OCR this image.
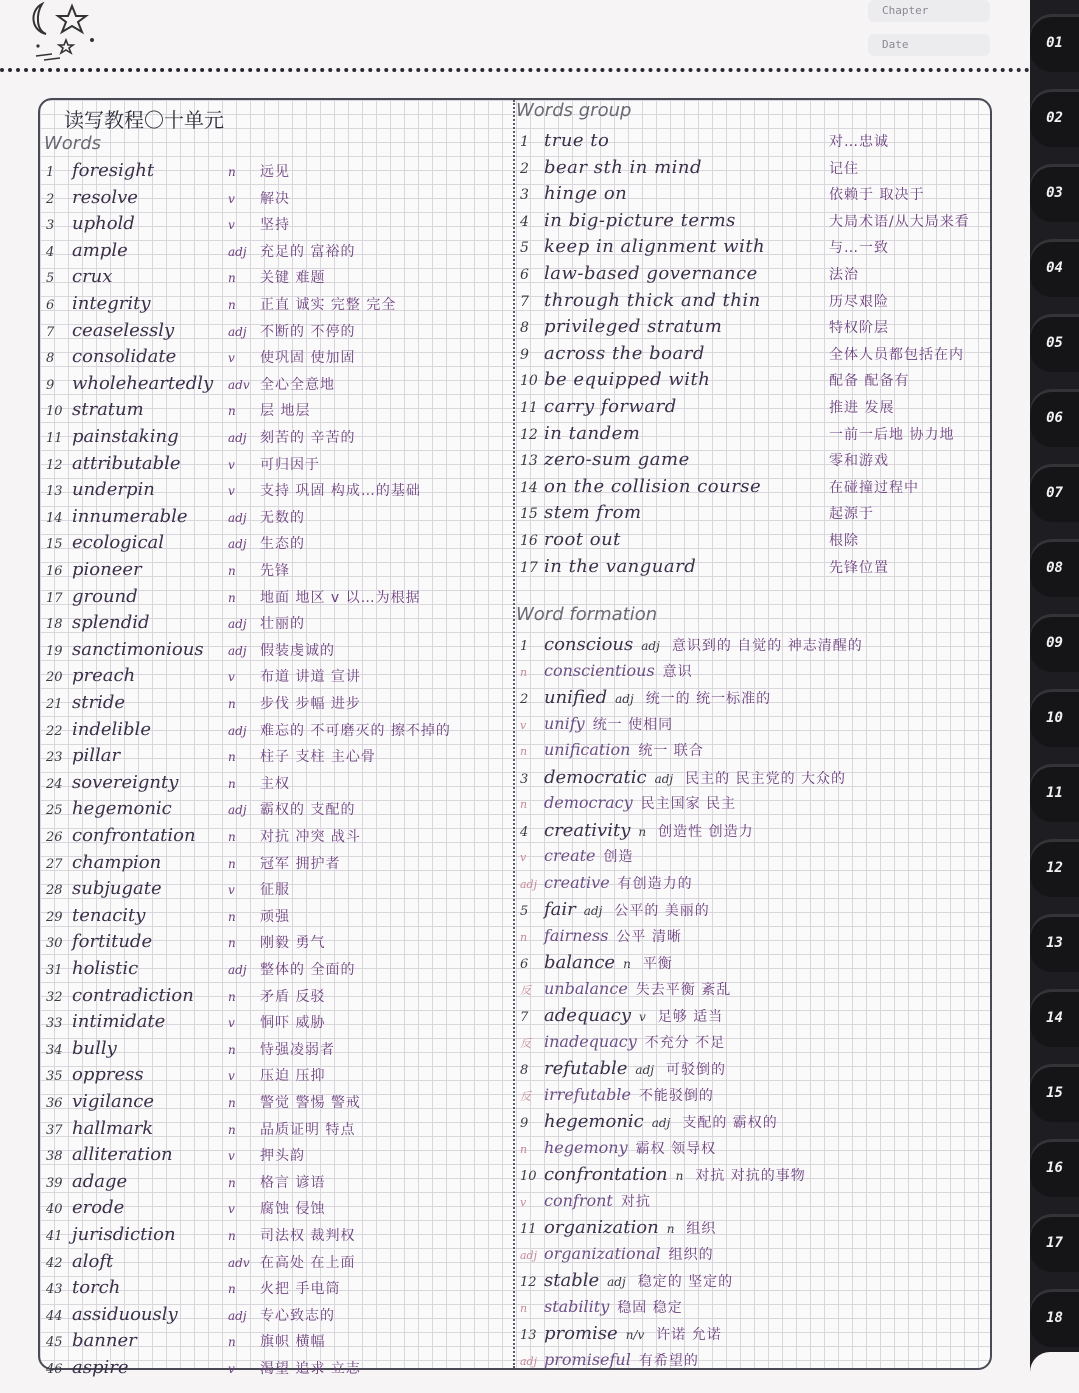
Chapter
Date
读写教程〇十单元
Words
1 foresight	n	远见
2 resolve	v	解决
3 uphold	v	坚持
4 ample	adj 充足的 富裕的
5 crux	n	关键 难题
6 integrity	n	正直 诚实 完整 完全
7 ceaselessly	adj 不断的 不停的
8 consolidate	v	使巩固 使加固
9 wholeheartedly	adv 全心全意地
10 stratum	n	层 地层
11 painstaking	adj 刻苦的 辛苦的
12 attributable	v	可归因于
13 underpin	v	支持 巩固 构成…的基础
14 innumerable	adj 无数的
15 ecological	adj 生态的
16 pioneer	n	先锋
17 ground	n	地面 地区 v 以…为根据
18 splendid	adj 壮丽的
19 sanctimonious	adj 假装虔诚的
20 preach	v	布道 讲道 宣讲
21 stride	n	步伐 步幅 进步
22 indelible	adj 难忘的 不可磨灭的 擦不掉的
23 pillar	n	柱子 支柱 主心骨
24 sovereignty	n	主权
25 hegemonic	adj 霸权的 支配的
26 confrontation	n	对抗 冲突 战斗
27 champion	n	冠军 拥护者
28 subjugate	v	征服
29 tenacity	n	顽强
30 fortitude	n	刚毅 勇气
31 holistic	adj 整体的 全面的
32 contradiction	n	矛盾 反驳
33 intimidate	v	恫吓 威胁
34 bully	n	恃强凌弱者
35 oppress	v	压迫 压抑
36 vigilance	n	警觉 警惕 警戒
37 hallmark	n	品质证明 特点
38 alliteration	v	押头韵
39 adage	n	格言 谚语
40 erode	v	腐蚀 侵蚀
41 jurisdiction	n	司法权 裁判权
42 aloft	adv 在高处 在上面
43 torch	n	火把 手电筒
44 assiduously	adj 专心致志的
45 banner	n	旗帜 横幅
46 aspire	v	渴望 追求 立志
Words group
Word formation
1 true to	对…忠诚
2 bear sth in mind	记住
3 hinge on	依赖于 取决于
4 in big-picture terms	大局术语/从大局来看
5 keep in alignment with	与…一致
6 law-based governance	法治
7 through thick and thin	历尽艰险
8 privileged stratum	特权阶层
9 across the board	全体人员都包括在内
10 be equipped with	配备 配备有
11 carry forward	推进 发展
12 in tandem	一前一后地 协力地
13 zero-sum game	零和游戏
14 on the collision course	在碰撞过程中
15 stem from	起源于
16 root out	根除
17 in the vanguard	先锋位置
1 conscious adj 意识到的 自觉的 神志清醒的
n	conscientious 意识
2 unified adj 统一的 统一标准的
v	unify 统一 使相同
n	unification 统一 联合
3 democratic adj 民主的 民主党的 大众的
n	democracy 民主国家 民主
4 creativity n 创造性 创造力
v	create 创造
adj creative 有创造力的
5 fair adj 公平的 美丽的
n	fairness 公平 清晰
6 balance n 平衡
反 unbalance 失去平衡 紊乱
7 adequacy v 足够 适当
反 inadequacy 不充分 不足
8 refutable adj 可驳倒的
反 irrefutable 不能驳倒的
9 hegemonic adj 支配的 霸权的
n	hegemony 霸权 领导权
10 confrontation n 对抗 对抗的事物
v	confront 对抗
11 organization n 组织
adj organizational 组织的
12 stable adj 稳定的 坚定的
n	stability 稳固 稳定
13 promise n/v 许诺 允诺
adj promiseful 有希望的
01
02
03
04
05
06
07
08
09
10
11
12
13
14
15
16
17
18
